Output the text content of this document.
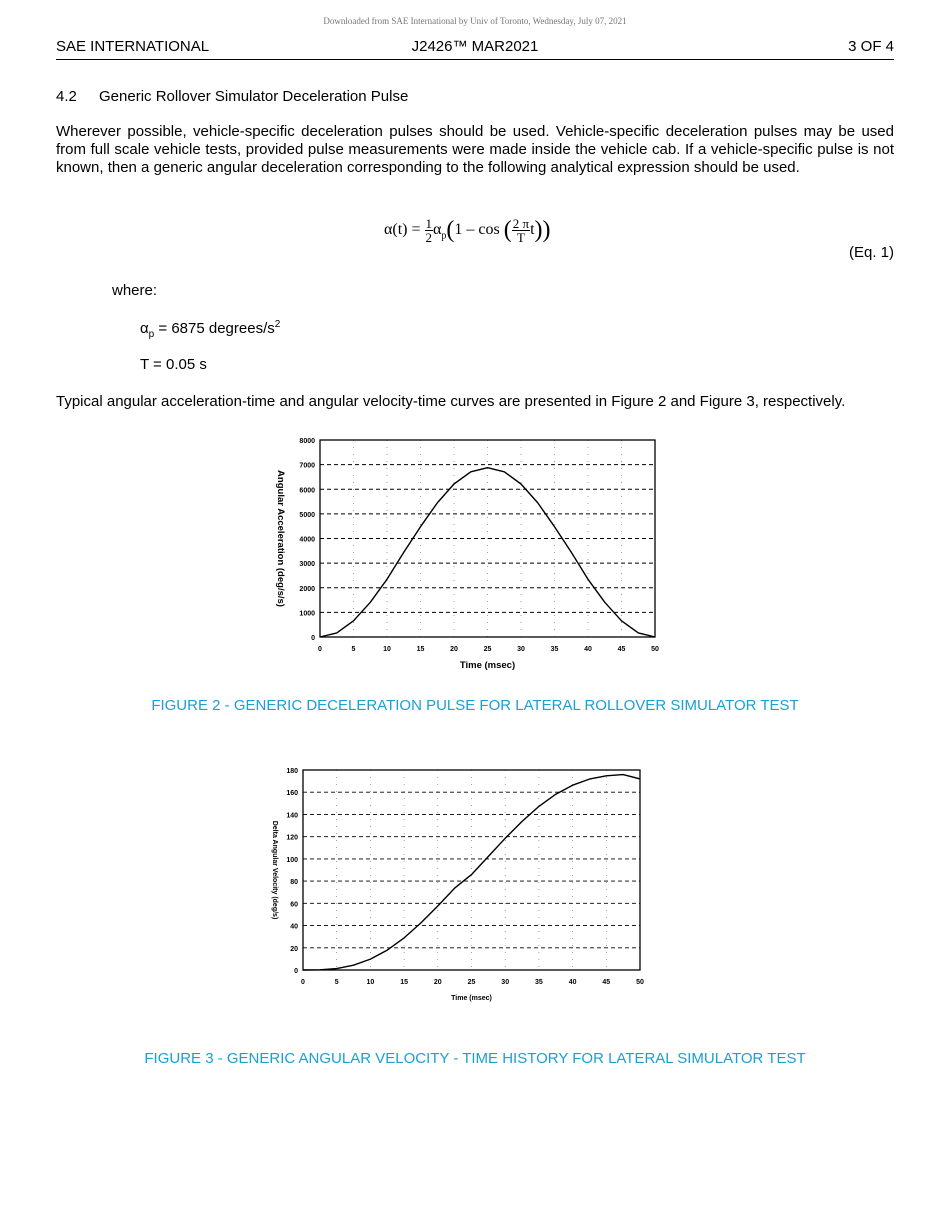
Downloaded from SAE International by Univ of Toronto, Wednesday, July 07, 2021
SAE INTERNATIONAL	J2426™ MAR2021	3 OF 4
4.2 Generic Rollover Simulator Deceleration Pulse
Wherever possible, vehicle-specific deceleration pulses should be used. Vehicle-specific deceleration pulses may be used from full scale vehicle tests, provided pulse measurements were made inside the vehicle cab. If a vehicle-specific pulse is not known, then a generic angular deceleration corresponding to the following analytical expression should be used.
$\alpha(t) = \frac{1}{2} \alpha_p(1 - \cos$ ( $\frac{2 \pi}{T} t$))
(Eq. 1)
where:
$\alpha_p = 6875$ degrees/$s^2$
T = 0.05 s
Typical angular acceleration-time and angular velocity-time curves are presented in Figure 2 and Figure 3, respectively.
0
1000
2000
3000
4000
5000
6000
7000
8000
0	5	10	15	20	25	30	35	40	45	50
Time (msec)
Angular Acceleration (deg/s/s)
FIGURE 2 - GENERIC DECELERATION PULSE FOR LATERAL ROLLOVER SIMULATOR TEST
0
20
40
60
80
100
120
140
160
180
0	5	10	15	20	25	30	35	40	45	50
Time (msec)
Delta Angular Velocity (deg/s)
FIGURE 3 - GENERIC ANGULAR VELOCITY - TIME HISTORY FOR LATERAL SIMULATOR TEST
